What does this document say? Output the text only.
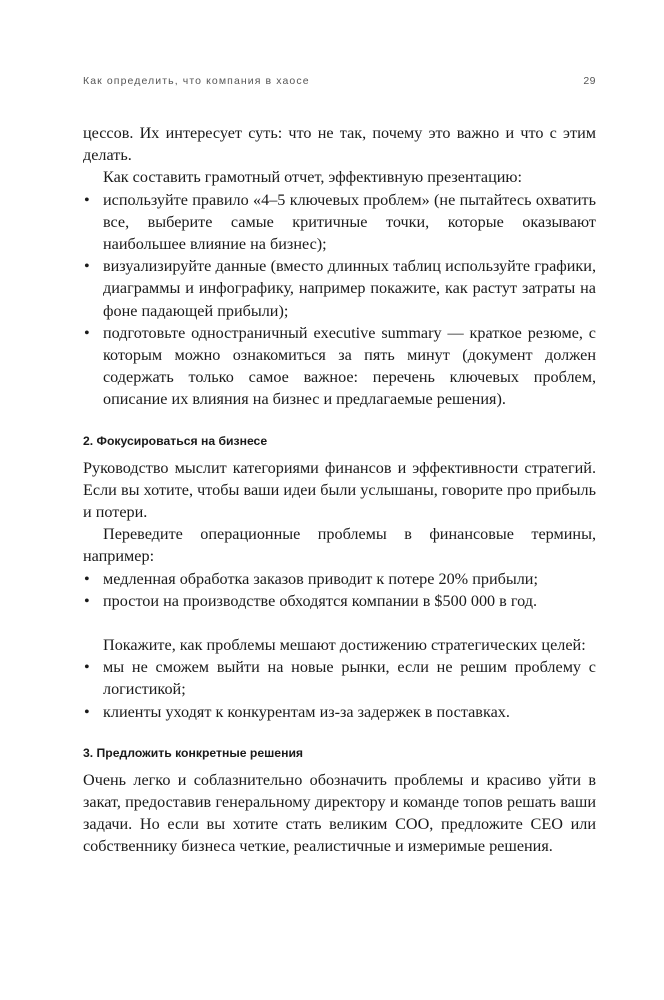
Как определить, что компания в хаосе	29

цессов. Их интересует суть: что не так, почему это важно и что с этим делать.

Как составить грамотный отчет, эффективную презентацию:

• используйте правило «4–5 ключевых проблем» (не пытайтесь охватить все, выберите самые критичные точки, которые оказывают наибольшее влияние на бизнес);
• визуализируйте данные (вместо длинных таблиц используйте графики, диаграммы и инфографику, например покажите, как растут затраты на фоне падающей прибыли);
• подготовьте одностраничный executive summary — краткое резюме, с которым можно ознакомиться за пять минут (документ должен содержать только самое важное: перечень ключевых проблем, описание их влияния на бизнес и предлагаемые решения).
2. Фокусироваться на бизнесе

Руководство мыслит категориями финансов и эффективности стратегий. Если вы хотите, чтобы ваши идеи были услышаны, говорите про прибыль и потери.

Переведите операционные проблемы в финансовые термины, например:

• медленная обработка заказов приводит к потере 20% прибыли;
• простои на производстве обходятся компании в $500 000 в год.

Покажите, как проблемы мешают достижению стратегических целей:

• мы не сможем выйти на новые рынки, если не решим проблему с логистикой;
• клиенты уходят к конкурентам из-за задержек в поставках.
3. Предложить конкретные решения

Очень легко и соблазнительно обозначить проблемы и красиво уйти в закат, предоставив генеральному директору и команде топов решать ваши задачи. Но если вы хотите стать великим COO, предложите CEO или собственнику бизнеса четкие, реалистичные и измеримые решения.
